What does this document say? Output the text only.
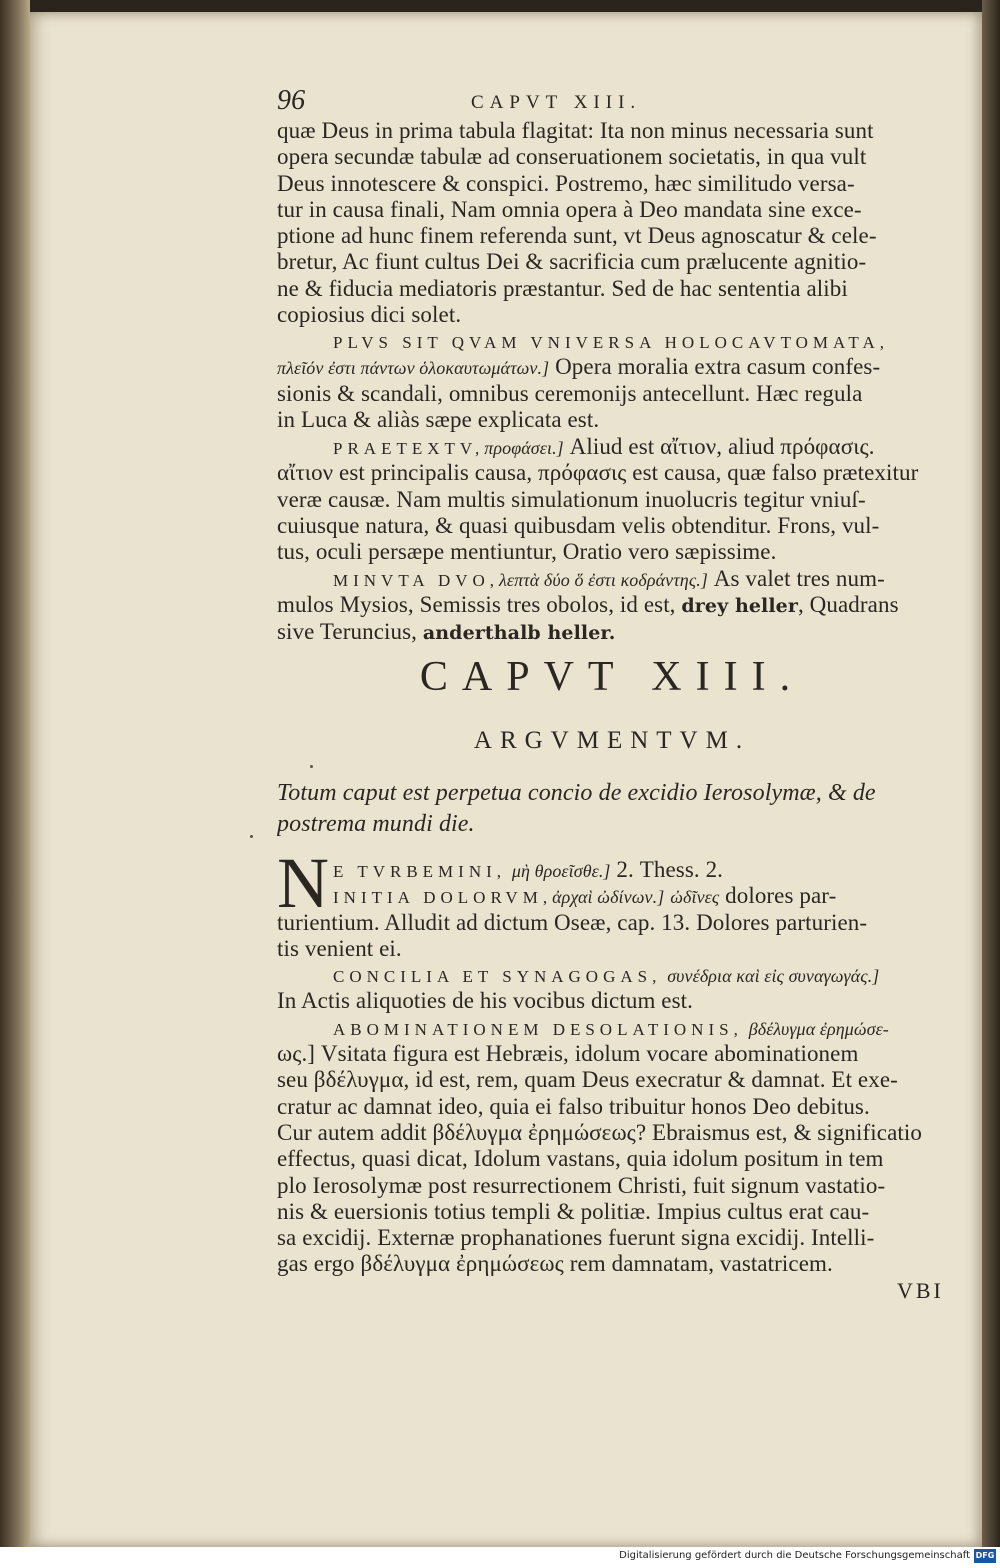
96	CAPVT XIII.
quæ Deus in prima tabula flagitat: Ita non minus necessaria sunt
opera secundæ tabulæ ad conseruationem societatis, in qua vult
Deus innotescere & conspici. Postremo, hæc similitudo versa-
tur in causa finali, Nam omnia opera à Deo mandata sine exce-
ptione ad hunc finem referenda sunt, vt Deus agnoscatur & cele-
bretur, Ac fiunt cultus Dei & sacrificia cum prælucente agnitio-
ne & fiducia mediatoris præstantur. Sed de hac sententia alibi
copiosius dici solet.
PLVS SIT QVAM VNIVERSA HOLOCAVTOMATA,
πλεῖόν ἐστι πάντων ὁλοκαυτωμάτων.] Opera moralia extra casum confes-
sionis & scandali, omnibus ceremonijs antecellunt. Hæc regula
in Luca & aliàs sæpe explicata est.
PRAETEXTV,προφάσει.] Aliud est αἴτιον, aliud πρόφασις.
αἴτιον est principalis causa, πρόφασις est causa, quæ falso prætexitur
veræ causæ. Nam multis simulationum inuolucris tegitur vniuſ-
cuiusque natura, & quasi quibusdam velis obtenditur. Frons, vul-
tus, oculi persæpe mentiuntur, Oratio vero sæpissime.
MINVTA DVO,λεπτὰ δύο ὅ ἐστι κοδράντης.] As valet tres num-
mulos Mysios, Semissis tres obolos, id est, drey heller, Quadrans
sive Teruncius, anderthalb heller.
CAPVT XIII.
ARGVMENTVM.
Totum caput est perpetua concio de excidio Ierosolymæ, & de
postrema mundi die.
N E TVRBEMINI, μὴ θροεῖσθε.] 2. Thess. 2.
INITIA DOLORVM,ἀρχαὶ ὠδίνων.] ὠδῖνες dolores par-
turientium. Alludit ad dictum Oseæ, cap. 13. Dolores parturien-
tis venient ei.
CONCILIA ET SYNAGOGAS, συνέδρια καὶ εἰς συναγωγάς.]
In Actis aliquoties de his vocibus dictum est.
ABOMINATIONEM DESOLATIONIS, βδέλυγμα ἐρημώσε-
ως.] Vsitata figura est Hebræis, idolum vocare abominationem
seu βδέλυγμα, id est, rem, quam Deus execratur & damnat. Et exe-
cratur ac damnat ideo, quia ei falso tribuitur honos Deo debitus.
Cur autem addit βδέλυγμα ἐρημώσεως? Ebraismus est, & significatio
effectus, quasi dicat, Idolum vastans, quia idolum positum in tem
plo Ierosolymæ post resurrectionem Christi, fuit signum vastatio-
nis & euersionis totius templi & politiæ. Impius cultus erat cau-
sa excidij. Externæ prophanationes fuerunt signa excidij. Intelli-
gas ergo βδέλυγμα ἐρημώσεως rem damnatam, vastatricem.
VBI
Digitalisierung gefördert durch die Deutsche Forschungsgemeinschaft DFG
